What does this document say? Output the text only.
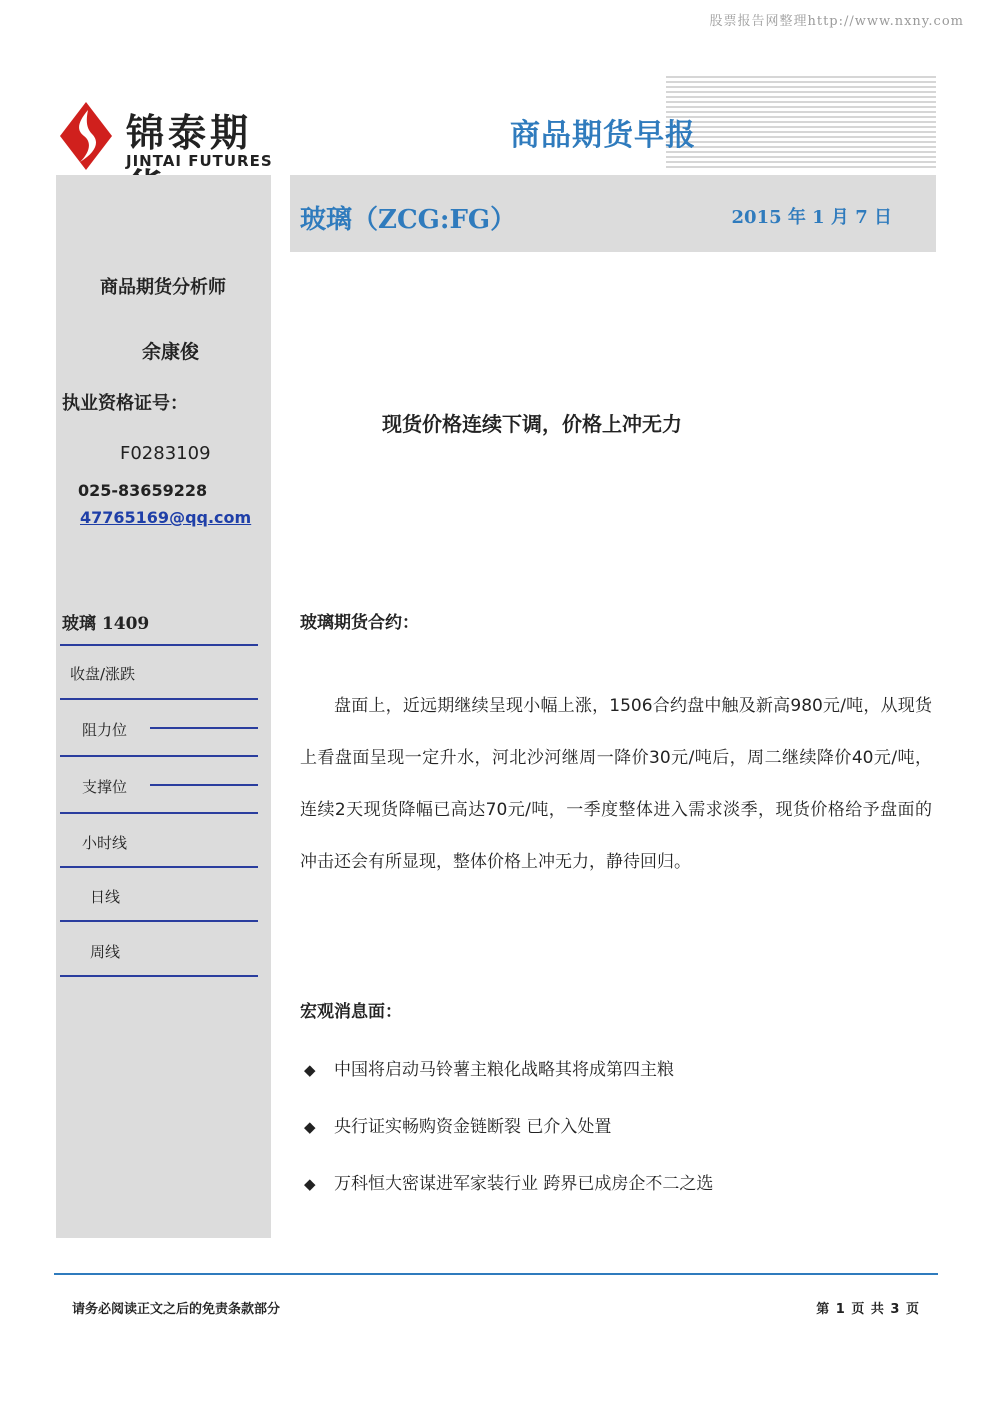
股票报告网整理http://www.nxny.com
锦泰期
JINTAI FUTURES
商品期货早报
商品期货分析师
余康俊
执业资格证号：
F0283109
025-83659228
47765169@qq.com
玻璃 1409
收盘/涨跌
阻力位
支撑位
小时线
日线
周线
玻璃（ZCG:FG）	2015 年 1 月 7 日
现货价格连续下调，价格上冲无力
玻璃期货合约：
盘面上，近远期继续呈现小幅上涨，1506合约盘中触及新高980元/吨，从现货上看盘面呈现一定升水，河北沙河继周一降价30元/吨后，周二继续降价40元/吨，连续2天现货降幅已高达70元/吨，一季度整体进入需求淡季，现货价格给予盘面的冲击还会有所显现，整体价格上冲无力，静待回归。
宏观消息面：
◆ 中国将启动马铃薯主粮化战略其将成第四主粮
◆ 央行证实畅购资金链断裂 已介入处置
◆ 万科恒大密谋进军家装行业 跨界已成房企不二之选
请务必阅读正文之后的免责条款部分	第 1 页 共 3 页
